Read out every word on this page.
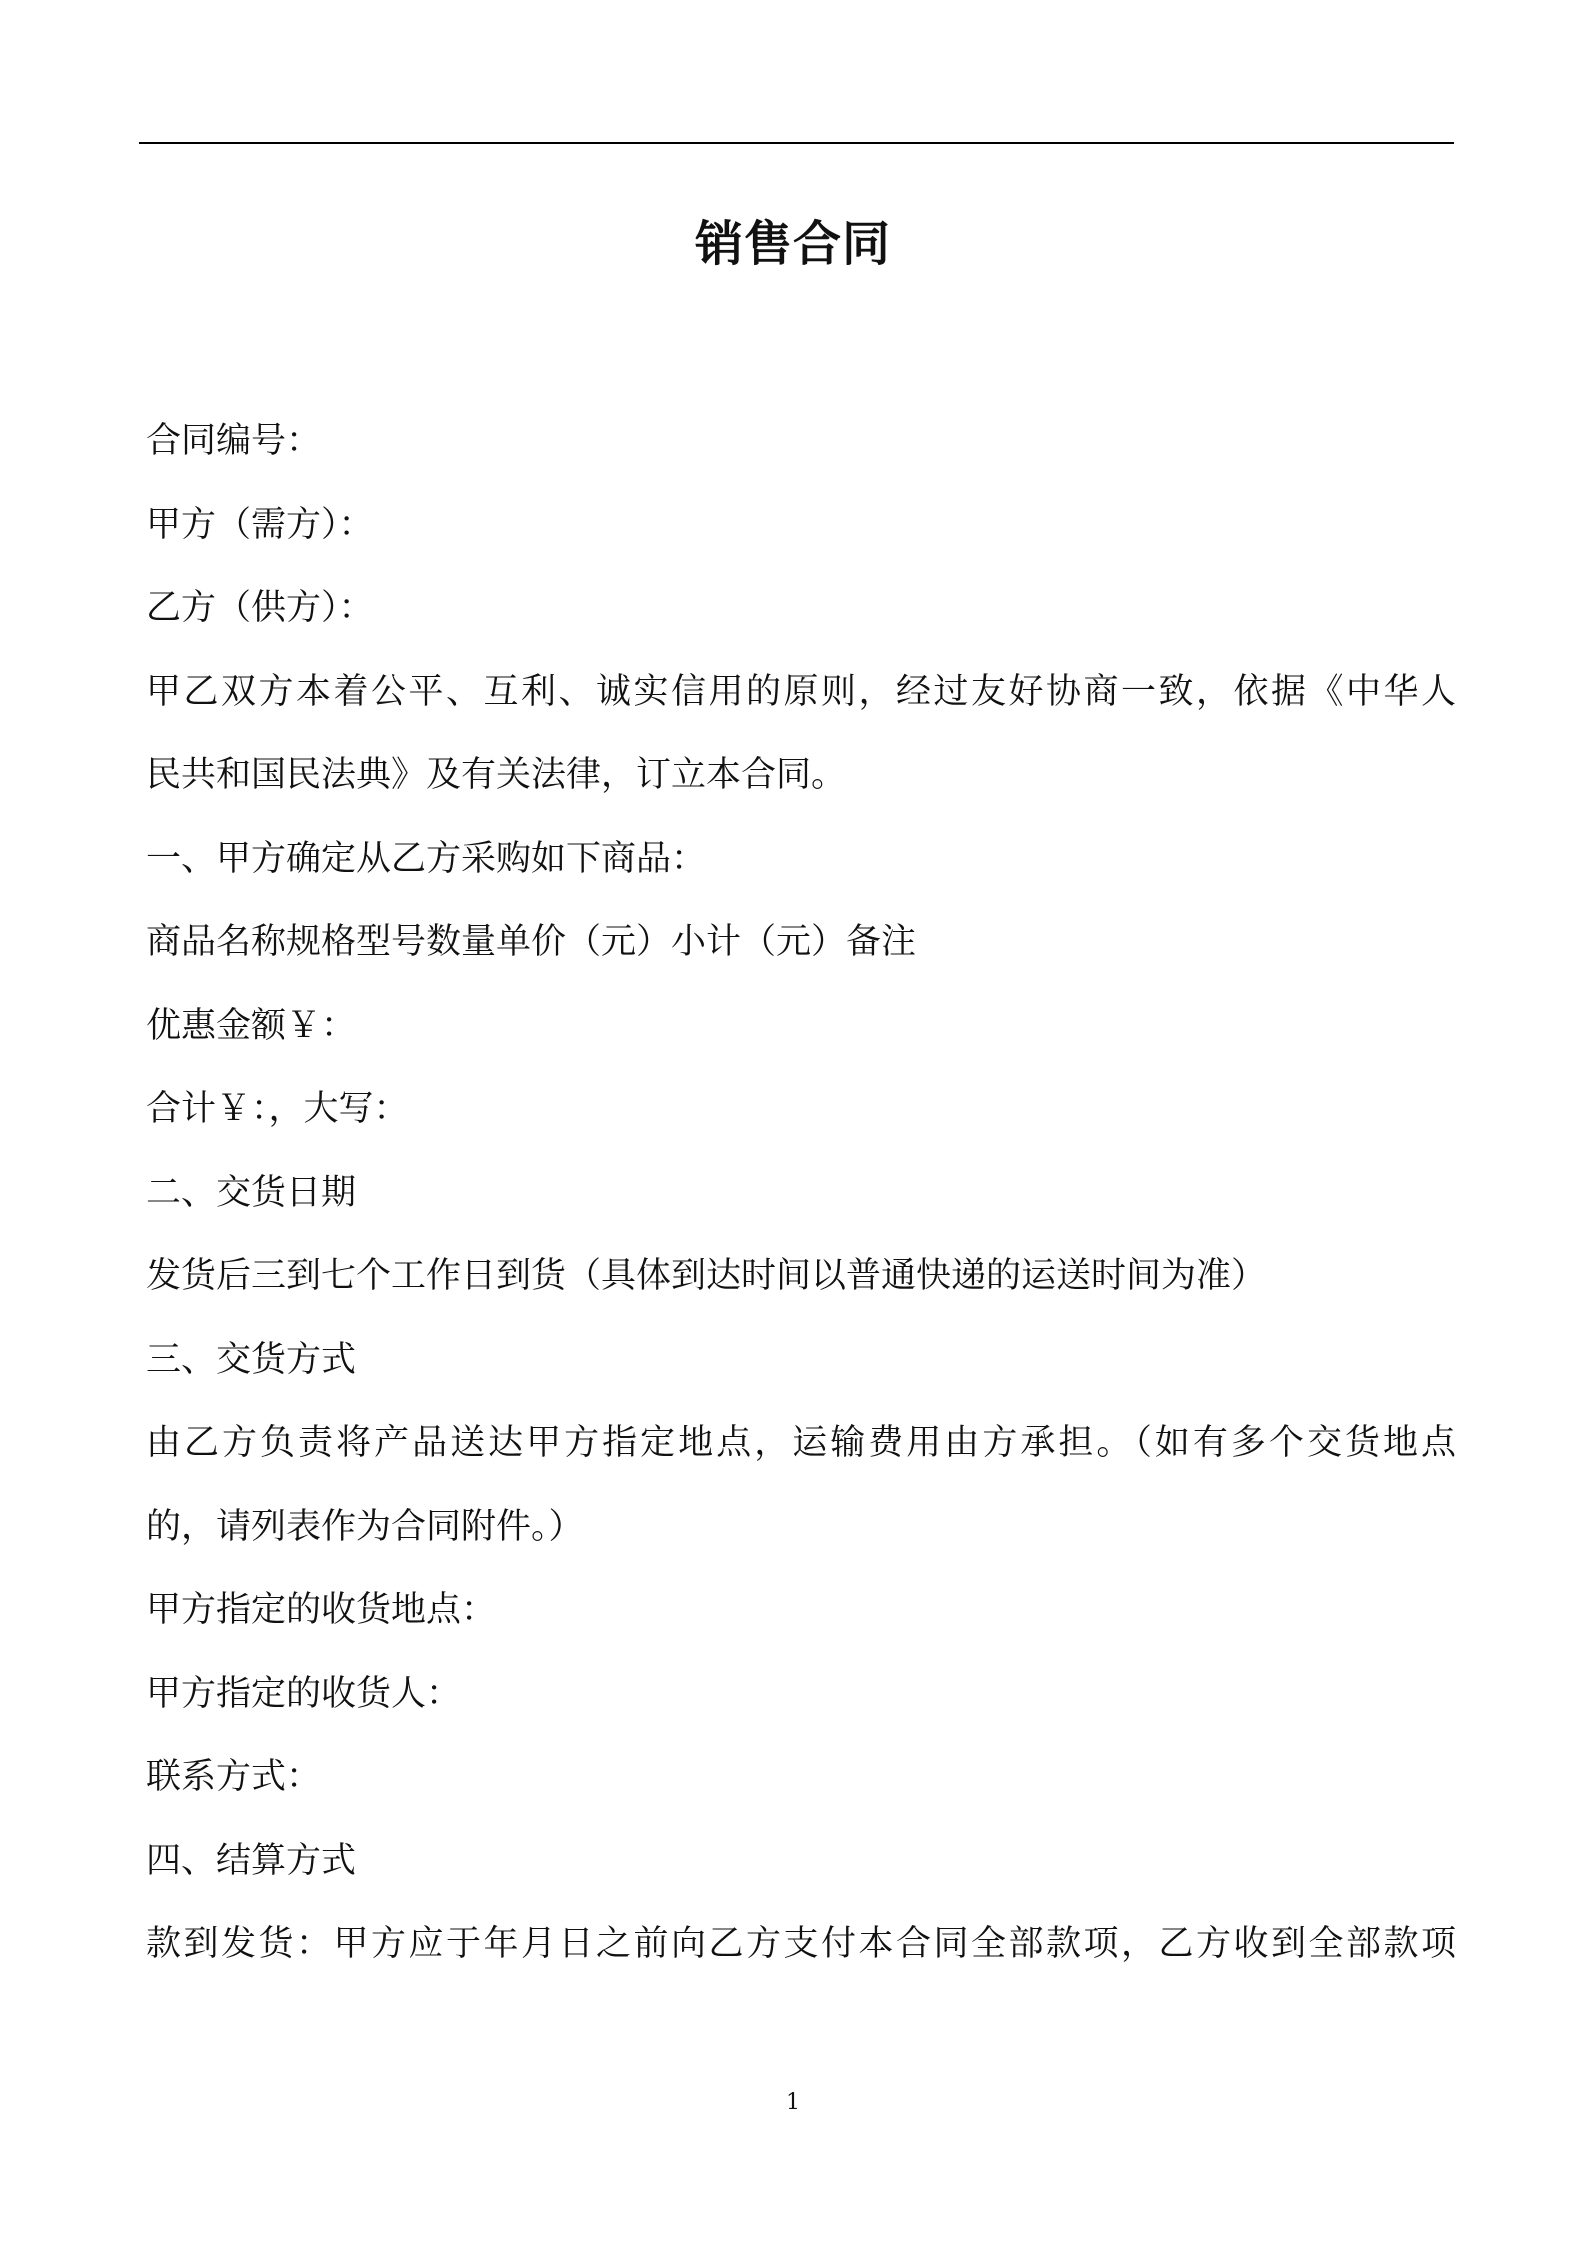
销售合同
合同编号：
甲方（需方）：
乙方（供方）：
甲乙双方本着公平、互利、诚实信用的原则，经过友好协商一致，依据《中华人
民共和国民法典》及有关法律，订立本合同。
一、甲方确定从乙方采购如下商品：
商品名称规格型号数量单价（元）小计（元）备注
优惠金额￥：
合计￥：，大写：
二、交货日期
发货后三到七个工作日到货（具体到达时间以普通快递的运送时间为准）
三、交货方式
由乙方负责将产品送达甲方指定地点，运输费用由方承担。（如有多个交货地点
的，请列表作为合同附件。）
甲方指定的收货地点：
甲方指定的收货人：
联系方式：
四、结算方式
款到发货：甲方应于年月日之前向乙方支付本合同全部款项，乙方收到全部款项
1
